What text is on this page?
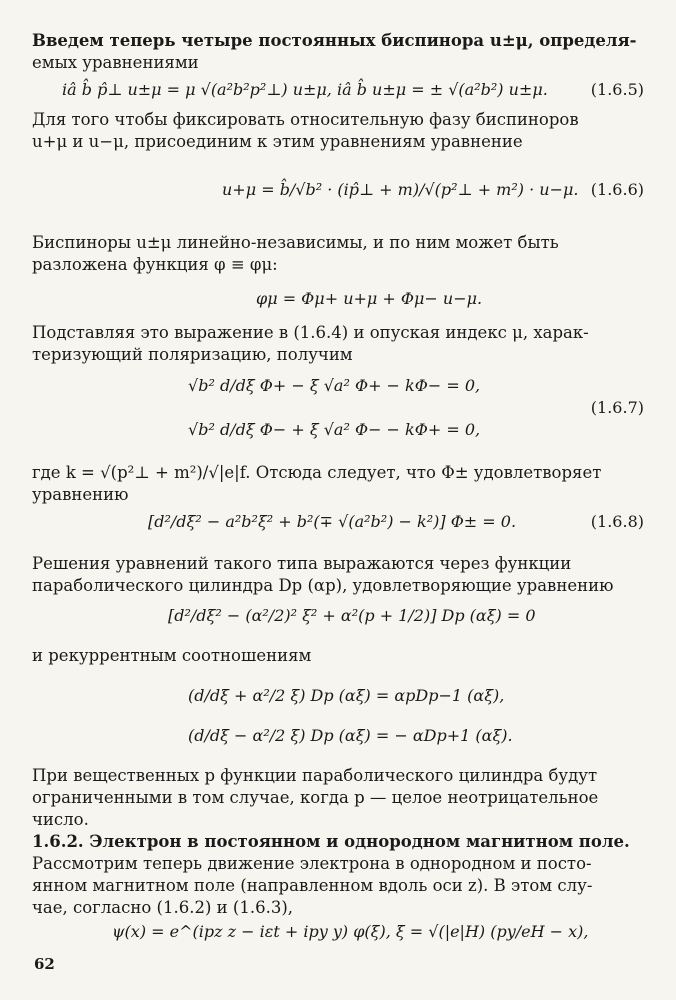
Введем теперь четыре постоянных биспинора u±μ, определя-
емых уравнениями
Для того чтобы фиксировать относительную фазу биспиноров
u+μ и u−μ, присоединим к этим уравнениям уравнение
Биспиноры u±μ линейно-независимы, и по ним может быть
разложена функция φ ≡ φμ:
Подставляя это выражение в (1.6.4) и опуская индекс μ, харак-
теризующий поляризацию, получим
где k = √(p²⊥ + m²)/√|e|f. Отсюда следует, что Φ± удовлетворяет
уравнению
Решения уравнений такого типа выражаются через функции
параболического цилиндра Dp (αp), удовлетворяющие уравнению
и рекуррентным соотношениям
При вещественных p функции параболического цилиндра будут
ограниченными в том случае, когда p — целое неотрицательное
число.
1.6.2. Электрон в постоянном и однородном магнитном поле.
Рассмотрим теперь движение электрона в однородном и посто-
янном магнитном поле (направленном вдоль оси z). В этом слу-
чае, согласно (1.6.2) и (1.6.3),
iâ b̂ p̂⊥ u±μ = μ √(a²b²p²⊥) u±μ, iâ b̂ u±μ = ± √(a²b²) u±μ.	(1.6.5)
u+μ = b̂/√b² · (ip̂⊥ + m)/√(p²⊥ + m²) · u−μ. (1.6.6)
φμ = Φμ+ u+μ + Φμ− u−μ.
√b² d/dξ Φ+ − ξ √a² Φ+ − kΦ− = 0,
(1.6.7)
√b² d/dξ Φ− + ξ √a² Φ− − kΦ+ = 0,
[d²/dξ² − a²b²ξ² + b²(∓ √(a²b²) − k²)] Φ± = 0.	(1.6.8)
[d²/dξ² − (α²/2)² ξ² + α²(p + 1/2)] Dp (αξ) = 0
(d/dξ + α²/2 ξ) Dp (αξ) = αpDp−1 (αξ),
(d/dξ − α²/2 ξ) Dp (αξ) = − αDp+1 (αξ).
ψ(x) = e^(ipz z − iεt + ipy y) φ(ξ), ξ = √(|e|H) (py/eH − x),
62
